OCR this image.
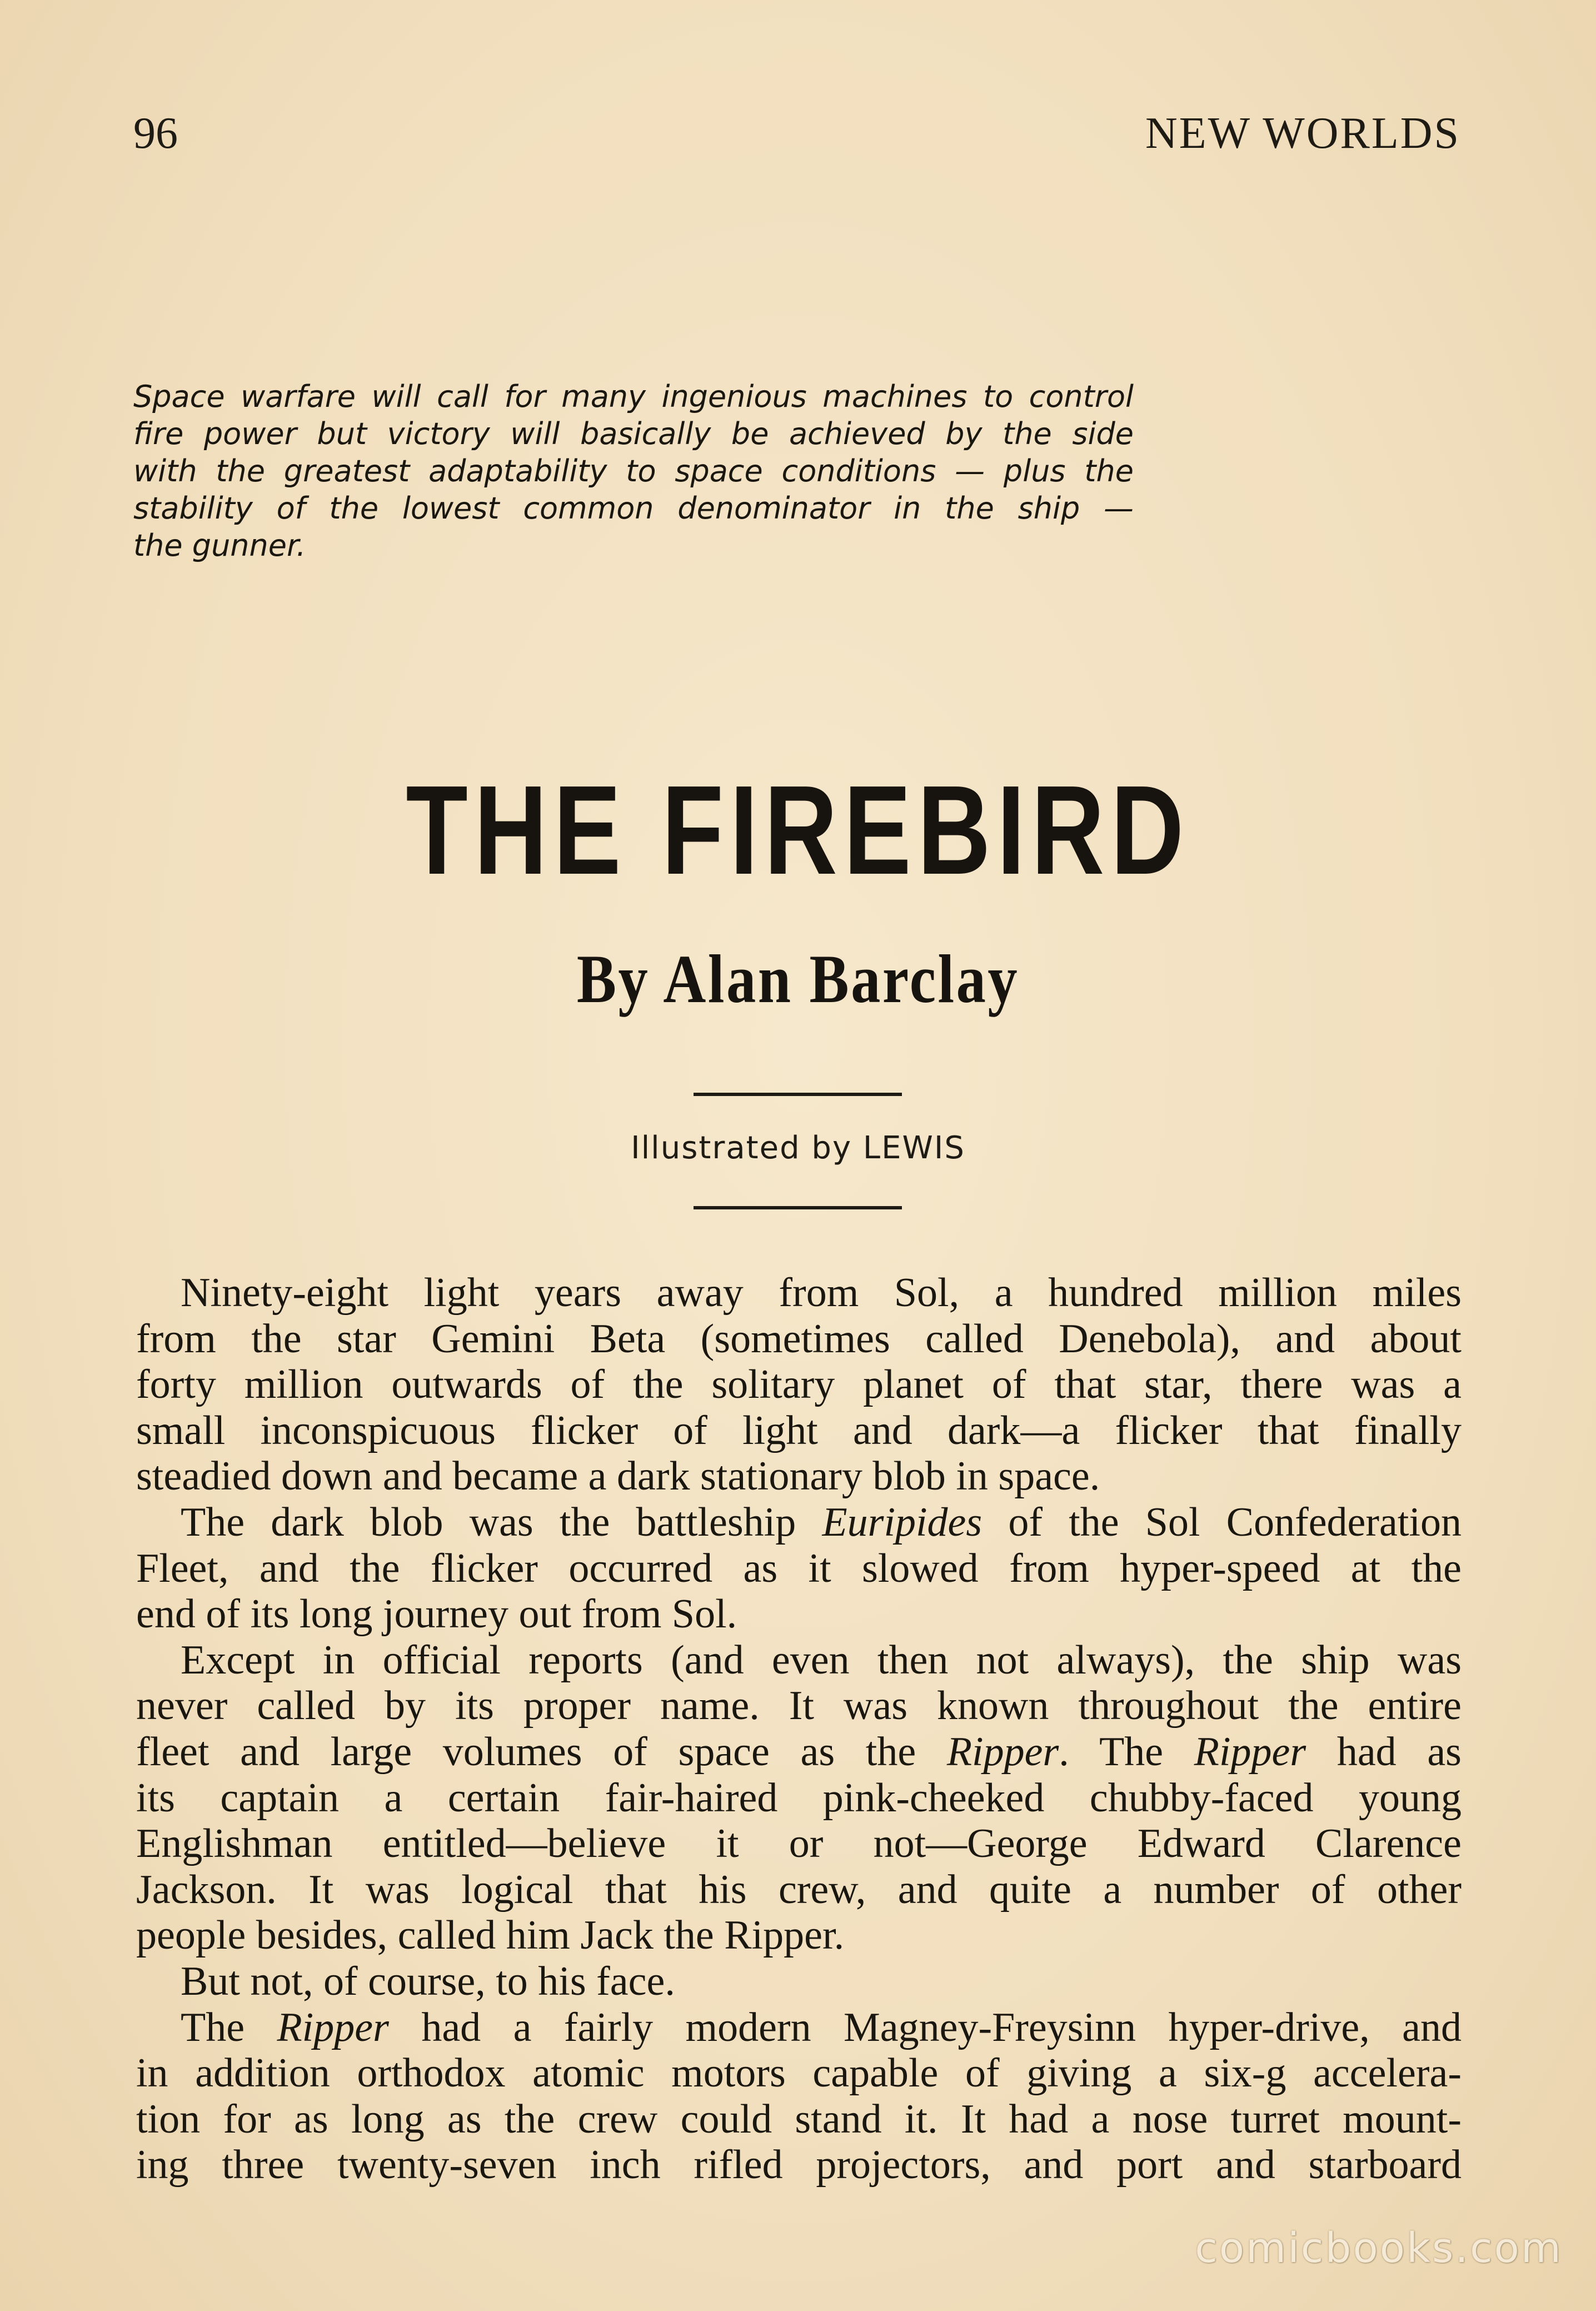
96	NEW WORLDS
Space warfare will call for many ingenious machines to control
fire power but victory will basically be achieved by the side
with the greatest adaptability to space conditions — plus the
stability of the lowest common denominator in the ship —
the gunner.
THE FIREBIRD
By Alan Barclay
Illustrated by LEWIS
Ninety-eight light years away from Sol, a hundred million miles
from the star Gemini Beta (sometimes called Denebola), and about
forty million outwards of the solitary planet of that star, there was a
small inconspicuous flicker of light and dark—a flicker that finally
steadied down and became a dark stationary blob in space.
The dark blob was the battleship Euripides of the Sol Confederation
Fleet, and the flicker occurred as it slowed from hyper-speed at the
end of its long journey out from Sol.
Except in official reports (and even then not always), the ship was
never called by its proper name. It was known throughout the entire
fleet and large volumes of space as the Ripper. The Ripper had as
its captain a certain fair-haired pink-cheeked chubby-faced young
Englishman entitled—believe it or not—George Edward Clarence
Jackson. It was logical that his crew, and quite a number of other
people besides, called him Jack the Ripper.
But not, of course, to his face.
The Ripper had a fairly modern Magney-Freysinn hyper-drive, and
in addition orthodox atomic motors capable of giving a six-g accelera-
tion for as long as the crew could stand it. It had a nose turret mount-
ing three twenty-seven inch rifled projectors, and port and starboard
comicbooks.com
